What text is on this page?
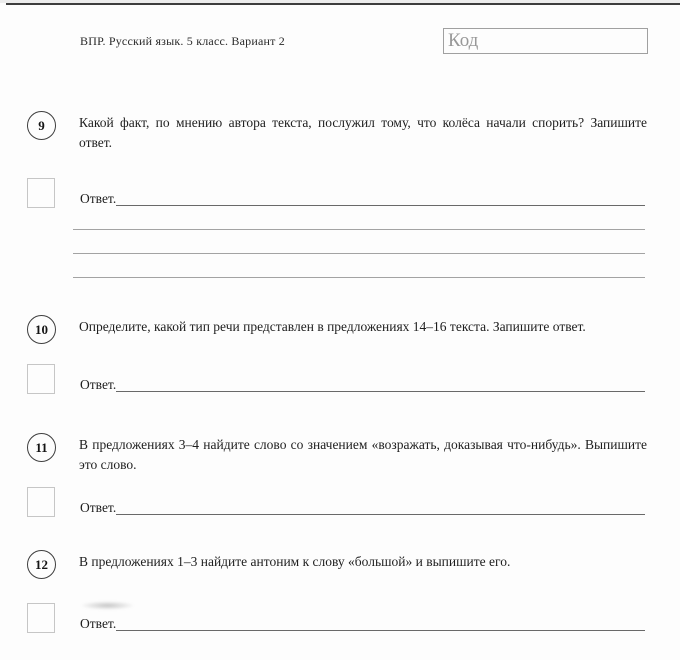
ВПР. Русский язык. 5 класс. Вариант 2	Код
9	Какой факт, по мнению автора текста, послужил тому, что колёса начали спорить? Запишите ответ.

Ответ.
10 Определите, какой тип речи представлен в предложениях 14–16 текста. Запишите ответ.

Ответ.
11 В предложениях 3–4 найдите слово со значением «возражать, доказывая что-нибудь». Выпишите это слово.

Ответ.
12 В предложениях 1–3 найдите антоним к слову «большой» и выпишите его.

Ответ.
